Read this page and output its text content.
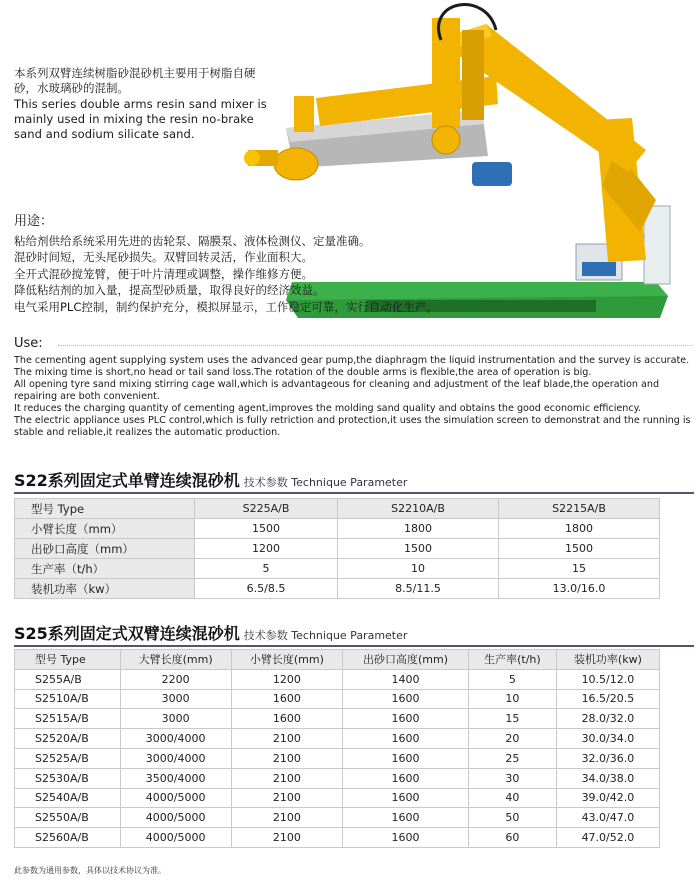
本系列双臂连续树脂砂混砂机主要用于树脂自硬砂，水玻璃砂的混制。
This series double arms resin sand mixer is mainly used in mixing the resin no-brake sand and sodium silicate sand.
用途：
粘给剂供给系统采用先进的齿轮泵、隔膜泵、液体检测仪、定量准确。
混砂时间短，无头尾砂损失。双臂回转灵活，作业面积大。
全开式混砂搅笼臂，便于叶片清理或调整，操作维修方便。
降低粘结剂的加入量，提高型砂质量，取得良好的经济效益。
电气采用PLC控制，制约保护充分，模拟屏显示，工作稳定可靠，实行自动化生产。
Use:

The cementing agent supplying system uses the advanced gear pump,the diaphragm the liquid instrumentation and the survey is accurate.

The mixing time is short,no head or tail sand loss.The rotation of the double arms is flexible,the area of operation is big.

All opening tyre sand mixing stirring cage wall,which is advantageous for cleaning and adjustment of the leaf blade,the operation and repairing are both convenient.

It reduces the charging quantity of cementing agent,improves the molding sand quality and obtains the good economic efficiency.

The electric appliance uses PLC control,which is fully retriction and protection,it uses the simulation screen to demonstrat and the running is stable and reliable,it realizes the automatic production.

S22系列固定式单臂连续混砂机 技术参数 Technique Parameter
型号 Type	S225A/B	S2210A/B	S2215A/B
小臂长度（mm）	1500	1800	1800
出砂口高度（mm）	1200	1500	1500
生产率（t/h）	5	10	15
装机功率（kw）	6.5/8.5	8.5/11.5	13.0/16.0
S25系列固定式双臂连续混砂机 技术参数 Technique Parameter
型号 Type	大臂长度(mm)	小臂长度(mm)	出砂口高度(mm)	生产率(t/h)	装机功率(kw)
S255A/B	2200	1200	1400	5	10.5/12.0
S2510A/B	3000	1600	1600	10	16.5/20.5
S2515A/B	3000	1600	1600	15	28.0/32.0
S2520A/B	3000/4000	2100	1600	20	30.0/34.0
S2525A/B	3000/4000	2100	1600	25	32.0/36.0
S2530A/B	3500/4000	2100	1600	30	34.0/38.0
S2540A/B	4000/5000	2100	1600	40	39.0/42.0
S2550A/B	4000/5000	2100	1600	50	43.0/47.0
S2560A/B	4000/5000	2100	1600	60	47.0/52.0
此参数为通用参数，具体以技术协议为准。
